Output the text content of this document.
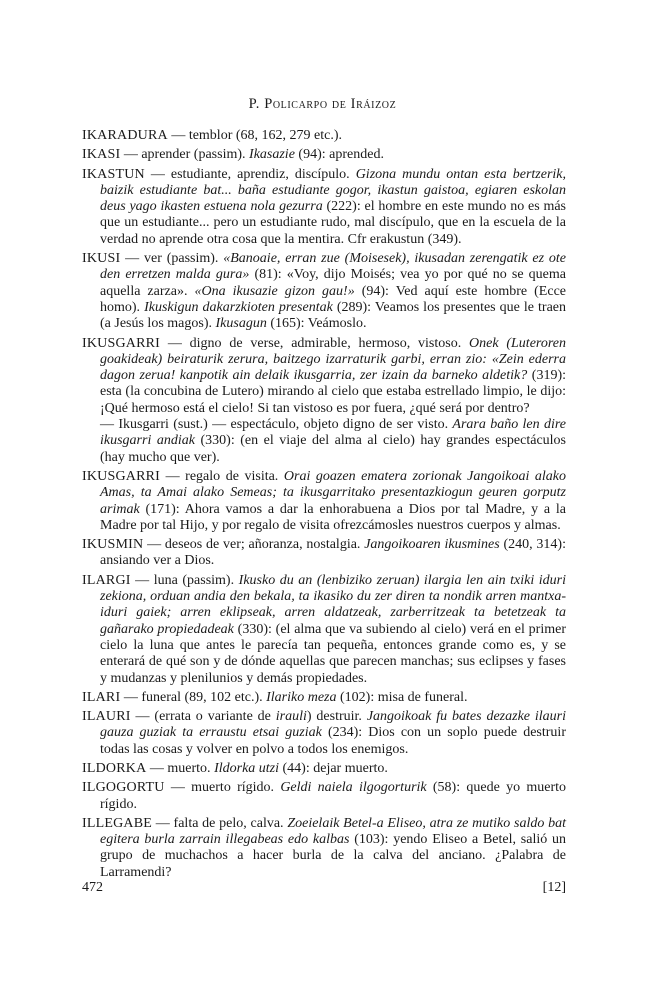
P. Policarpo de Iráizoz

IKARADURA — temblor (68, 162, 279 etc.).

IKASI — aprender (passim). Ikasazie (94): aprended.

IKASTUN — estudiante, aprendiz, discípulo. Gizona mundu ontan esta bertzerik, baizik estudiante bat... baña estudiante gogor, ikastun gaistoa, egiaren eskolan deus yago ikasten estuena nola gezurra (222): el hombre en este mundo no es más que un estudiante... pero un estudiante rudo, mal discípulo, que en la escuela de la verdad no aprende otra cosa que la mentira. Cfr erakustun (349).

IKUSI — ver (passim). «Banoaie, erran zue (Moisesek), ikusadan zerengatik ez ote den erretzen malda gura» (81): «Voy, dijo Moisés; vea yo por qué no se quema aquella zarza». «Ona ikusazie gizon gau!» (94): Ved aquí este hombre (Ecce homo). Ikuskigun dakarzkioten presentak (289): Veamos los presentes que le traen (a Jesús los magos). Ikusagun (165): Veámoslo.

IKUSGARRI — digno de verse, admirable, hermoso, vistoso. Onek (Luteroren goakideak) beiraturik zerura, baitzego izarraturik garbi, erran zio: «Zein ederra dagon zerua! kanpotik ain delaik ikusgarria, zer izain da barneko aldetik? (319): esta (la concubina de Lutero) mirando al cielo que estaba estrellado limpio, le dijo: ¡Qué hermoso está el cielo! Si tan vistoso es por fuera, ¿qué será por dentro?

— Ikusgarri (sust.) — espectáculo, objeto digno de ser visto. Arara baño len dire ikusgarri andiak (330): (en el viaje del alma al cielo) hay grandes espectáculos (hay mucho que ver).

IKUSGARRI — regalo de visita. Orai goazen ematera zorionak Jangoikoai alako Amas, ta Amai alako Semeas; ta ikusgarritako presentazkiogun geuren gorputz arimak (171): Ahora vamos a dar la enhorabuena a Dios por tal Madre, y a la Madre por tal Hijo, y por regalo de visita ofrezcámosles nuestros cuerpos y almas.

IKUSMIN — deseos de ver; añoranza, nostalgia. Jangoikoaren ikusmines (240, 314): ansiando ver a Dios.

ILARGI — luna (passim). Ikusko du an (lenbiziko zeruan) ilargia len ain txiki iduri zekiona, orduan andia den bekala, ta ikasiko du zer diren ta nondik arren mantxa-iduri gaiek; arren eklipseak, arren aldatzeak, zarberritzeak ta betetzeak ta gañarako propiedadeak (330): (el alma que va subiendo al cielo) verá en el primer cielo la luna que antes le parecía tan pequeña, entonces grande como es, y se enterará de qué son y de dónde aquellas que parecen manchas; sus eclipses y fases y mudanzas y plenilunios y demás propiedades.

ILARI — funeral (89, 102 etc.). Ilariko meza (102): misa de funeral.

ILAURI — (errata o variante de irauli) destruir. Jangoikoak fu bates dezazke ilauri gauza guziak ta erraustu etsai guziak (234): Dios con un soplo puede destruir todas las cosas y volver en polvo a todos los enemigos.

ILDORKA — muerto. Ildorka utzi (44): dejar muerto.

ILGOGORTU — muerto rígido. Geldi naiela ilgogorturik (58): quede yo muerto rígido.

ILLEGABE — falta de pelo, calva. Zoeielaik Betel-a Eliseo, atra ze mutiko saldo bat egitera burla zarrain illegabeas edo kalbas (103): yendo Eliseo a Betel, salió un grupo de muchachos a hacer burla de la calva del anciano. ¿Palabra de Larramendi?

472	[12]
